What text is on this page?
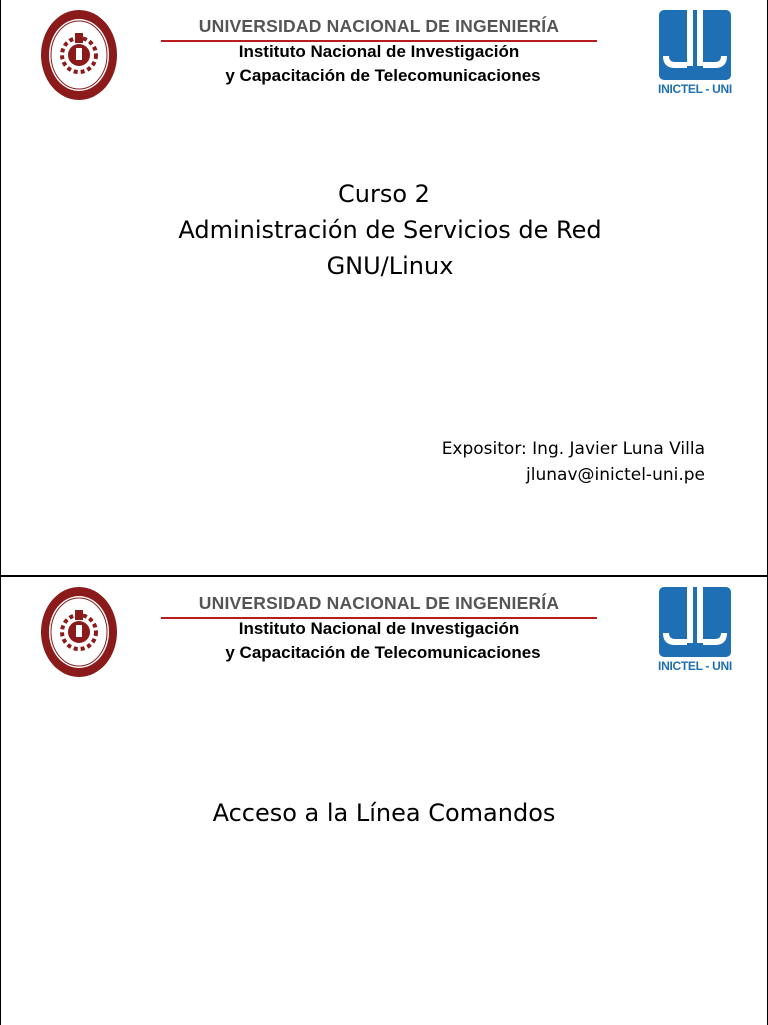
UNIVERSIDAD NACIONAL DE INGENIERÍA
Instituto Nacional de Investigación
y Capacitación de Telecomunicaciones
INICTEL - UNI
Curso 2
Administración de Servicios de Red
GNU/Linux
Expositor: Ing. Javier Luna Villa
jlunav@inictel-uni.pe
UNIVERSIDAD NACIONAL DE INGENIERÍA
Instituto Nacional de Investigación
y Capacitación de Telecomunicaciones
INICTEL - UNI
Acceso a la Línea Comandos
